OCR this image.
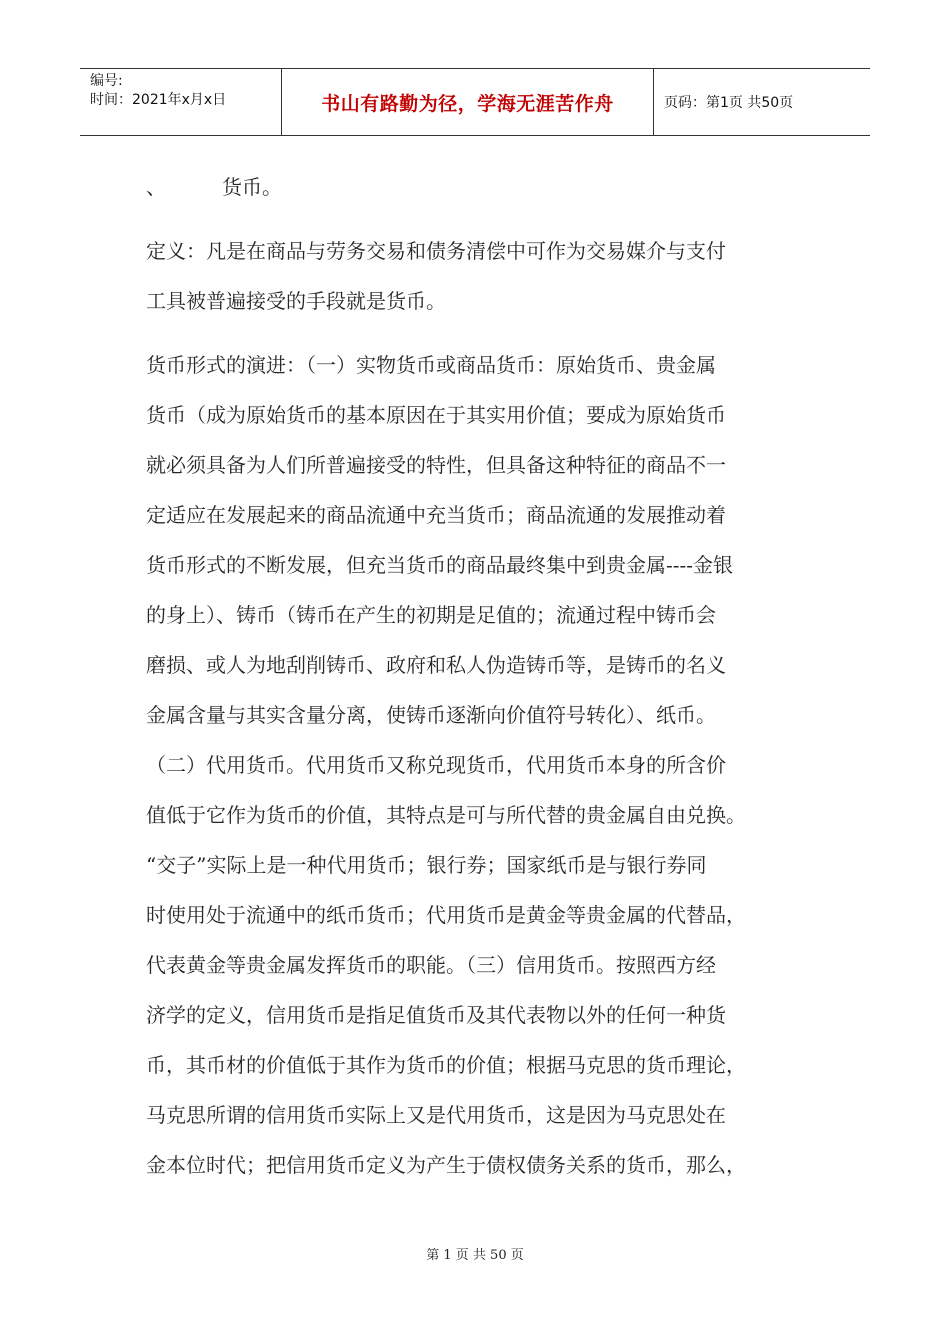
编号:
时间：2021年x月x日	书山有路勤为径，学海无涯苦作舟	页码：第1页 共50页
、	货币。
定义：凡是在商品与劳务交易和债务清偿中可作为交易媒介与支付
工具被普遍接受的手段就是货币。
货币形式的演进：（一）实物货币或商品货币：原始货币、贵金属
货币（成为原始货币的基本原因在于其实用价值；要成为原始货币
就必须具备为人们所普遍接受的特性，但具备这种特征的商品不一
定适应在发展起来的商品流通中充当货币；商品流通的发展推动着
货币形式的不断发展，但充当货币的商品最终集中到贵金属----金银
的身上）、铸币（铸币在产生的初期是足值的；流通过程中铸币会
磨损、或人为地刮削铸币、政府和私人伪造铸币等，是铸币的名义
金属含量与其实含量分离，使铸币逐渐向价值符号转化）、纸币。
（二）代用货币。代用货币又称兑现货币，代用货币本身的所含价
值低于它作为货币的价值，其特点是可与所代替的贵金属自由兑换。
“交子”实际上是一种代用货币；银行券；国家纸币是与银行券同
时使用处于流通中的纸币货币；代用货币是黄金等贵金属的代替品，
代表黄金等贵金属发挥货币的职能。（三）信用货币。按照西方经
济学的定义，信用货币是指足值货币及其代表物以外的任何一种货
币，其币材的价值低于其作为货币的价值；根据马克思的货币理论，
马克思所谓的信用货币实际上又是代用货币，这是因为马克思处在
金本位时代；把信用货币定义为产生于债权债务关系的货币，那么，
第 1 页 共 50 页
